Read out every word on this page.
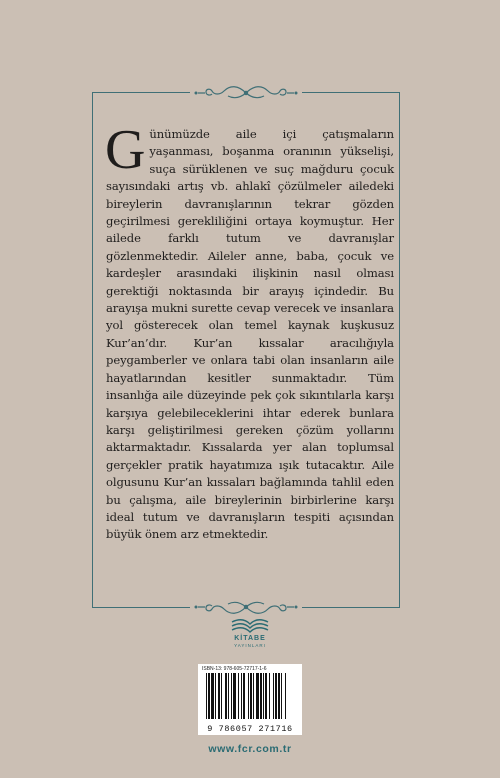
G ünümüzde aile içi çatışmaların yaşanması, boşanma oranının yükselişi, suça sürüklenen ve suç mağduru çocuk sayısındaki artış vb. ahlakî çözülmeler ailedeki bireylerin davranışlarının tekrar gözden geçirilmesi gerekliliğini ortaya koymuştur. Her ailede farklı tutum ve davranışlar gözlenmektedir. Aileler anne, baba, çocuk ve kardeşler arasındaki ilişkinin nasıl olması gerektiği noktasında bir arayış içindedir. Bu arayışa mukni surette cevap verecek ve insanlara yol gösterecek olan temel kaynak kuşkusuz Kur’an’dır. Kur’an kıssalar aracılığıyla peygamberler ve onlara tabi olan insanların aile hayatlarından kesitler sunmaktadır. Tüm insanlığa aile düzeyinde pek çok sıkıntılarla karşı karşıya gelebileceklerini ihtar ederek bunlara karşı geliştirilmesi gereken çözüm yollarını aktarmaktadır. Kıssalarda yer alan toplumsal gerçekler pratik hayatımıza ışık tutacaktır. Aile olgusunu Kur’an kıssaları bağlamında tahlil eden bu çalışma, aile bireylerinin birbirlerine karşı ideal tutum ve davranışların tespiti açısından büyük önem arz etmektedir.
KİTABE
YAYINLARI
ISBN-13: 978-605-72717-1-6
9 786057 271716
www.fcr.com.tr
